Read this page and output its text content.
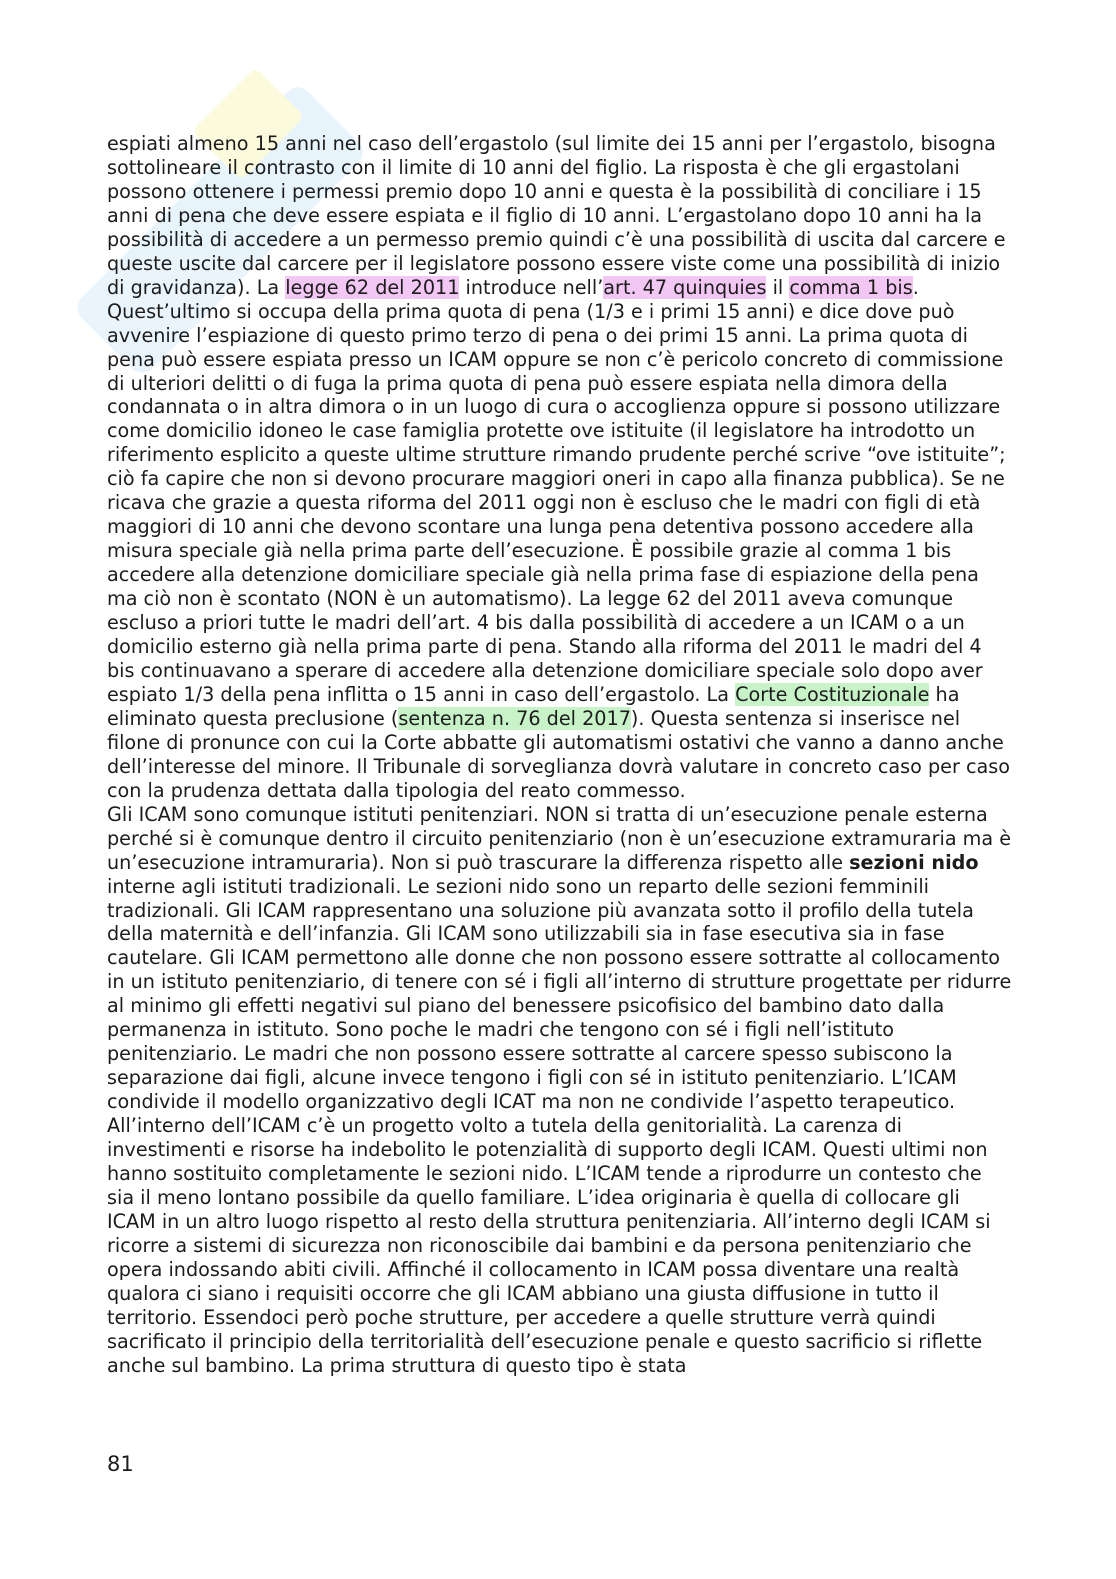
espiati almeno 15 anni nel caso dell’ergastolo (sul limite dei 15 anni per l’ergastolo, bisogna sottolineare il contrasto con il limite di 10 anni del figlio. La risposta è che gli ergastolani possono ottenere i permessi premio dopo 10 anni e questa è la possibilità di conciliare i 15 anni di pena che deve essere espiata e il figlio di 10 anni. L’ergastolano dopo 10 anni ha la possibilità di accedere a un permesso premio quindi c’è una possibilità di uscita dal carcere e queste uscite dal carcere per il legislatore possono essere viste come una possibilità di inizio di gravidanza). La legge 62 del 2011 introduce nell’art. 47 quinquies il comma 1 bis. Quest’ultimo si occupa della prima quota di pena (1/3 e i primi 15 anni) e dice dove può avvenire l’espiazione di questo primo terzo di pena o dei primi 15 anni. La prima quota di pena può essere espiata presso un ICAM oppure se non c’è pericolo concreto di commissione di ulteriori delitti o di fuga la prima quota di pena può essere espiata nella dimora della condannata o in altra dimora o in un luogo di cura o accoglienza oppure si possono utilizzare come domicilio idoneo le case famiglia protette ove istituite (il legislatore ha introdotto un riferimento esplicito a queste ultime strutture rimando prudente perché scrive “ove istituite”; ciò fa capire che non si devono procurare maggiori oneri in capo alla finanza pubblica). Se ne ricava che grazie a questa riforma del 2011 oggi non è escluso che le madri con figli di età maggiori di 10 anni che devono scontare una lunga pena detentiva possono accedere alla misura speciale già nella prima parte dell’esecuzione. È possibile grazie al comma 1 bis accedere alla detenzione domiciliare speciale già nella prima fase di espiazione della pena ma ciò non è scontato (NON è un automatismo). La legge 62 del 2011 aveva comunque escluso a priori tutte le madri dell’art. 4 bis dalla possibilità di accedere a un ICAM o a un domicilio esterno già nella prima parte di pena. Stando alla riforma del 2011 le madri del 4 bis continuavano a sperare di accedere alla detenzione domiciliare speciale solo dopo aver espiato 1/3 della pena inflitta o 15 anni in caso dell’ergastolo. La Corte Costituzionale ha eliminato questa preclusione (sentenza n. 76 del 2017). Questa sentenza si inserisce nel filone di pronunce con cui la Corte abbatte gli automatismi ostativi che vanno a danno anche dell’interesse del minore. Il Tribunale di sorveglianza dovrà valutare in concreto caso per caso con la prudenza dettata dalla tipologia del reato commesso.
Gli ICAM sono comunque istituti penitenziari. NON si tratta di un’esecuzione penale esterna perché si è comunque dentro il circuito penitenziario (non è un’esecuzione extramuraria ma è un’esecuzione intramuraria). Non si può trascurare la differenza rispetto alle sezioni nido interne agli istituti tradizionali. Le sezioni nido sono un reparto delle sezioni femminili tradizionali. Gli ICAM rappresentano una soluzione più avanzata sotto il profilo della tutela della maternità e dell’infanzia. Gli ICAM sono utilizzabili sia in fase esecutiva sia in fase cautelare. Gli ICAM permettono alle donne che non possono essere sottratte al collocamento in un istituto penitenziario, di tenere con sé i figli all’interno di strutture progettate per ridurre al minimo gli effetti negativi sul piano del benessere psicofisico del bambino dato dalla permanenza in istituto. Sono poche le madri che tengono con sé i figli nell’istituto penitenziario. Le madri che non possono essere sottratte al carcere spesso subiscono la separazione dai figli, alcune invece tengono i figli con sé in istituto penitenziario. L’ICAM condivide il modello organizzativo degli ICAT ma non ne condivide l’aspetto terapeutico. All’interno dell’ICAM c’è un progetto volto a tutela della genitorialità. La carenza di investimenti e risorse ha indebolito le potenzialità di supporto degli ICAM. Questi ultimi non hanno sostituito completamente le sezioni nido. L’ICAM tende a riprodurre un contesto che sia il meno lontano possibile da quello familiare. L’idea originaria è quella di collocare gli ICAM in un altro luogo rispetto al resto della struttura penitenziaria. All’interno degli ICAM si ricorre a sistemi di sicurezza non riconoscibile dai bambini e da persona penitenziario che opera indossando abiti civili. Affinché il collocamento in ICAM possa diventare una realtà qualora ci siano i requisiti occorre che gli ICAM abbiano una giusta diffusione in tutto il territorio. Essendoci però poche strutture, per accedere a quelle strutture verrà quindi sacrificato il principio della territorialità dell’esecuzione penale e questo sacrificio si riflette anche sul bambino. La prima struttura di questo tipo è stata
81
